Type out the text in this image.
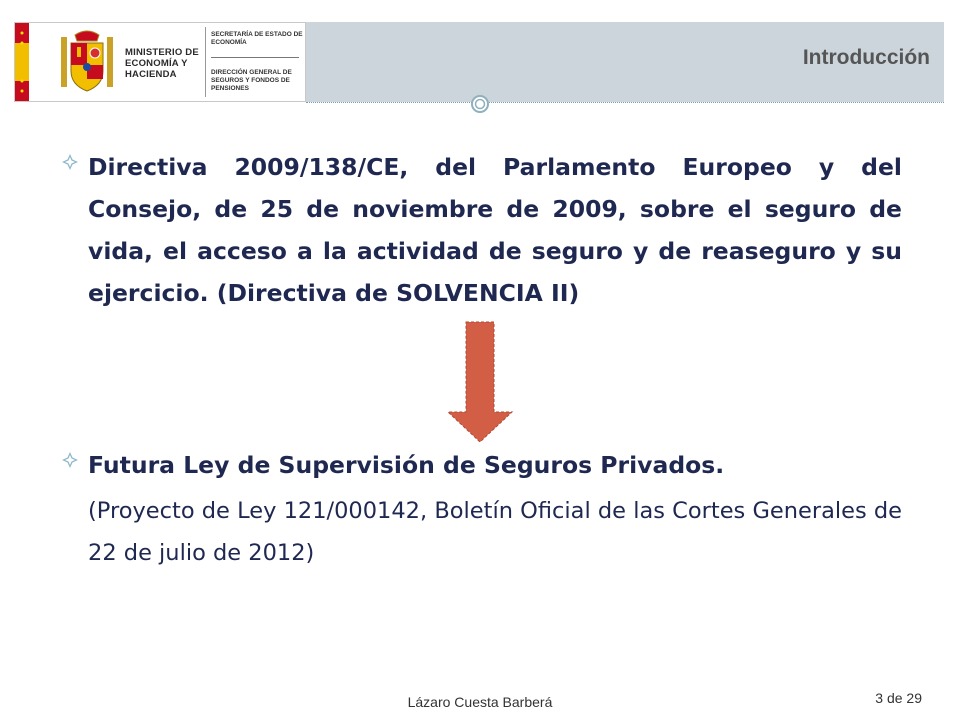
MINISTERIO DE ECONOMÍA Y HACIENDA
SECRETARÍA DE ESTADO DE ECONOMÍA
DIRECCIÓN GENERAL DE SEGUROS Y FONDOS DE PENSIONES
Introducción
Directiva 2009/138/CE, del Parlamento Europeo y del Consejo, de 25 de noviembre de 2009, sobre el seguro de vida, el acceso a la actividad de seguro y de reaseguro y su ejercicio. (Directiva de SOLVENCIA II)
Futura Ley de Supervisión de Seguros Privados.

(Proyecto de Ley 121/000142, Boletín Oficial de las Cortes Generales de 22 de julio de 2012)

Lázaro Cuesta Barberá	3 de 29
